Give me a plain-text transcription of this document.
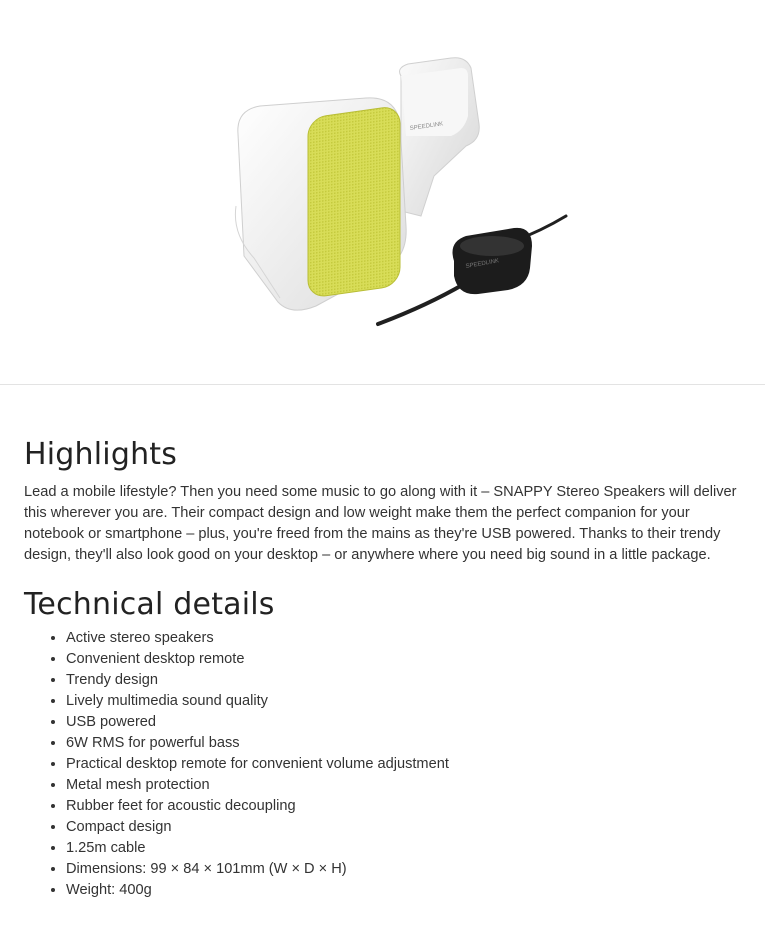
SPEEDLINK
SPEEDLINK
Highlights

Lead a mobile lifestyle? Then you need some music to go along with it – SNAPPY Stereo Speakers will deliver this wherever you are. Their compact design and low weight make them the perfect companion for your notebook or smartphone – plus, you're freed from the mains as they're USB powered. Thanks to their trendy design, they'll also look good on your desktop – or anywhere where you need big sound in a little package.

Technical details
• Active stereo speakers
• Convenient desktop remote
• Trendy design
• Lively multimedia sound quality
• USB powered
• 6W RMS for powerful bass
• Practical desktop remote for convenient volume adjustment
• Metal mesh protection
• Rubber feet for acoustic decoupling
• Compact design
• 1.25m cable
• Dimensions: 99 × 84 × 101mm (W × D × H)
• Weight: 400g
